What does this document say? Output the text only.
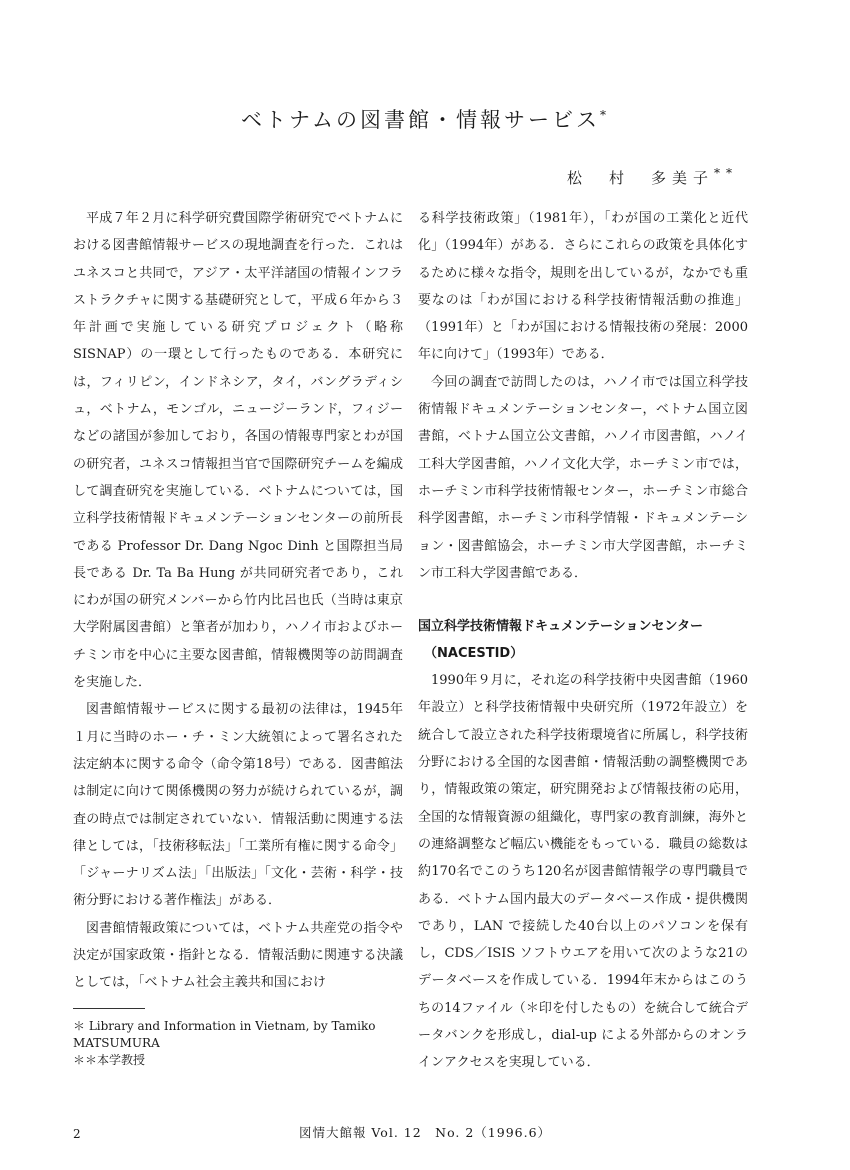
ベトナムの図書館・情報サービス*
松　村　多美子**

平成７年２月に科学研究費国際学術研究でベトナムにおける図書館情報サービスの現地調査を行った．これはユネスコと共同で，アジア・太平洋諸国の情報インフラストラクチャに関する基礎研究として，平成６年から３年計画で実施している研究プロジェクト（略称 SISNAP）の一環として行ったものである．本研究には，フィリピン，インドネシア，タイ，バングラディシュ，ベトナム，モンゴル，ニュージーランド，フィジーなどの諸国が参加しており，各国の情報専門家とわが国の研究者，ユネスコ情報担当官で国際研究チームを編成して調査研究を実施している．ベトナムについては，国立科学技術情報ドキュメンテーションセンターの前所長である Professor Dr. Dang Ngoc Dinh と国際担当局長である Dr. Ta Ba Hung が共同研究者であり，これにわが国の研究メンバーから竹内比呂也氏（当時は東京大学附属図書館）と筆者が加わり，ハノイ市およびホーチミン市を中心に主要な図書館，情報機関等の訪問調査を実施した．

図書館情報サービスに関する最初の法律は，1945年１月に当時のホー・チ・ミン大統領によって署名された法定納本に関する命令（命令第18号）である．図書館法は制定に向けて関係機関の努力が続けられているが，調査の時点では制定されていない．情報活動に関連する法律としては，「技術移転法」「工業所有権に関する命令」「ジャーナリズム法」「出版法」「文化・芸術・科学・技術分野における著作権法」がある．

図書館情報政策については，ベトナム共産党の指令や決定が国家政策・指針となる．情報活動に関連する決議としては，「ベトナム社会主義共和国におけ

る科学技術政策」（1981年），「わが国の工業化と近代化」（1994年）がある．さらにこれらの政策を具体化するために様々な指令，規則を出しているが，なかでも重要なのは「わが国における科学技術情報活動の推進」（1991年）と「わが国における情報技術の発展：2000年に向けて」（1993年）である．

今回の調査で訪問したのは，ハノイ市では国立科学技術情報ドキュメンテーションセンター，ベトナム国立図書館，ベトナム国立公文書館，ハノイ市図書館，ハノイ工科大学図書館，ハノイ文化大学，ホーチミン市では，ホーチミン市科学技術情報センター，ホーチミン市総合科学図書館，ホーチミン市科学情報・ドキュメンテーション・図書館協会，ホーチミン市大学図書館，ホーチミン市工科大学図書館である．

国立科学技術情報ドキュメンテーションセンター
（NACESTID）

1990年９月に，それ迄の科学技術中央図書館（1960年設立）と科学技術情報中央研究所（1972年設立）を統合して設立された科学技術環境省に所属し，科学技術分野における全国的な図書館・情報活動の調整機関であり，情報政策の策定，研究開発および情報技術の応用，全国的な情報資源の組織化，専門家の教育訓練，海外との連絡調整など幅広い機能をもっている．職員の総数は約170名でこのうち120名が図書館情報学の専門職員である．ベトナム国内最大のデータベース作成・提供機関であり，LAN で接続した40台以上のパソコンを保有し，CDS／ISIS ソフトウエアを用いて次のような21のデータベースを作成している．1994年末からはこのうちの14ファイル（＊印を付したもの）を統合して統合データバンクを形成し，dial-up による外部からのオンラインアクセスを実現している．

＊ Library and Information in Vietnam, by Tamiko MATSUMURA

＊＊本学教授

2	図情大館報 Vol. 12　No. 2（1996.6）
